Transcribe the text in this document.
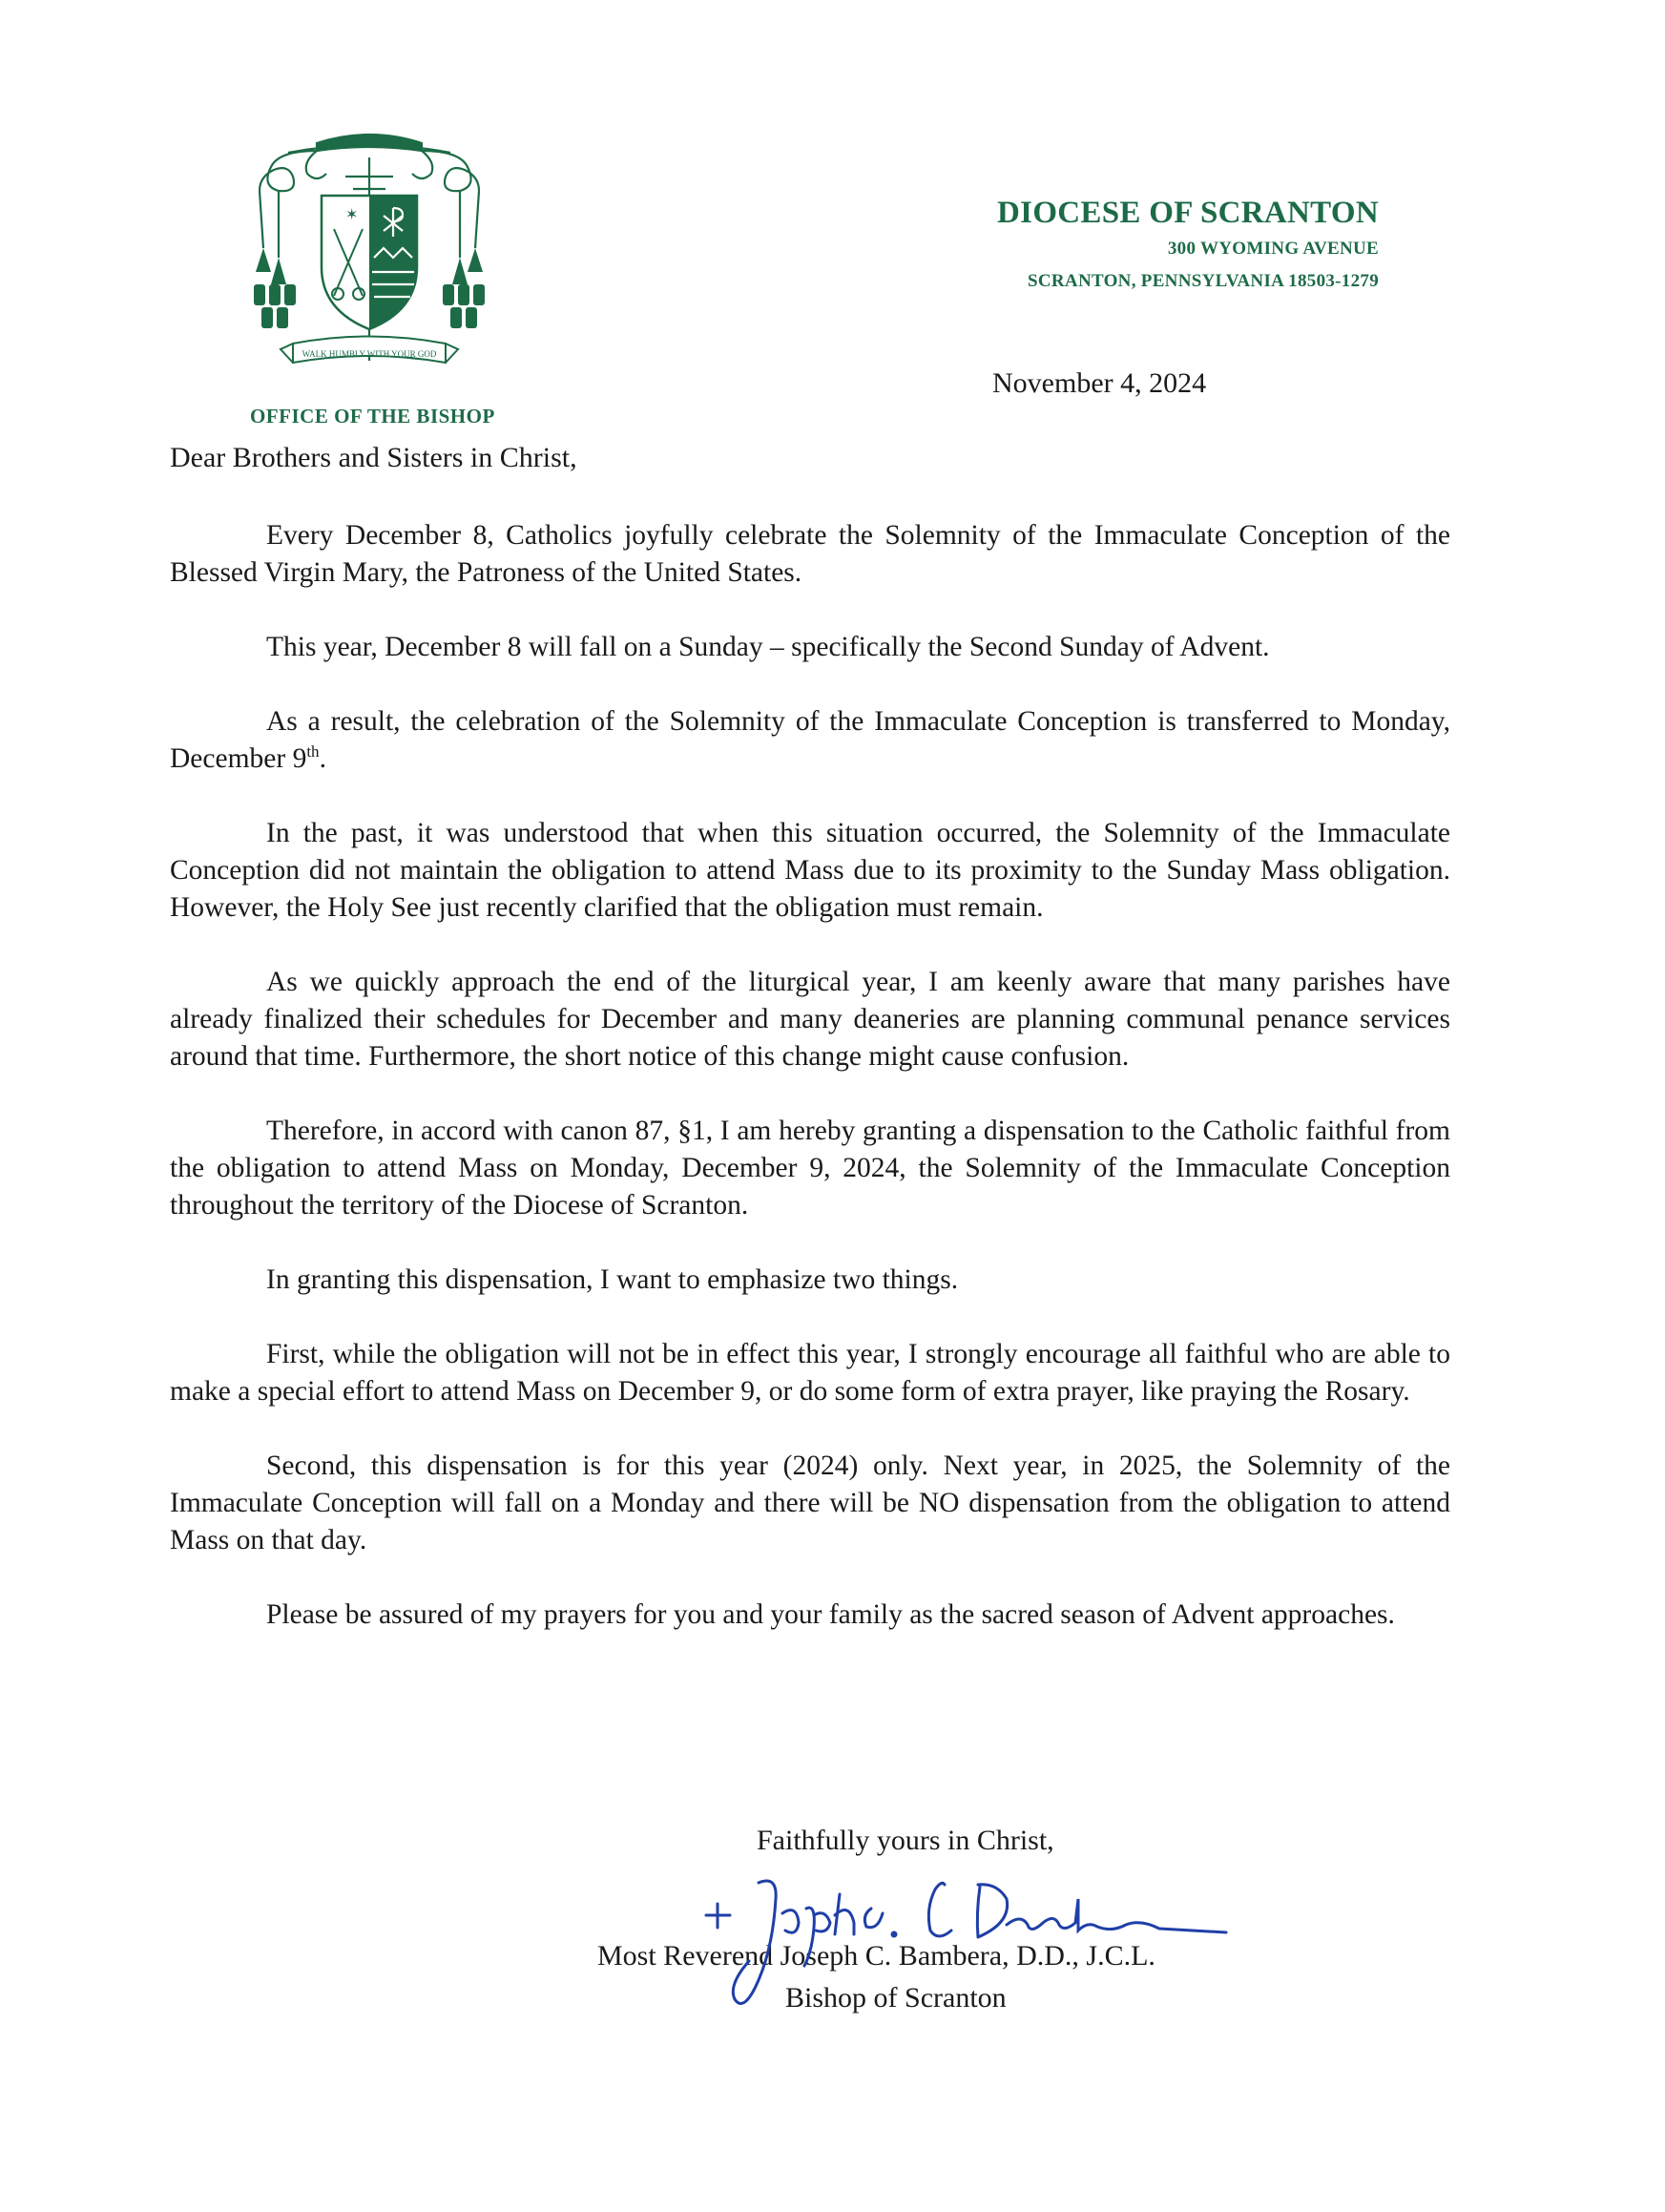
✶
WALK HUMBLY WITH YOUR GOD
OFFICE OF THE BISHOP
DIOCESE OF SCRANTON
300 WYOMING AVENUE
SCRANTON, PENNSYLVANIA 18503-1279
November 4, 2024
Dear Brothers and Sisters in Christ,

Every December 8, Catholics joyfully celebrate the Solemnity of the Immaculate Conception of the Blessed Virgin Mary, the Patroness of the United States.

This year, December 8 will fall on a Sunday – specifically the Second Sunday of Advent.

As a result, the celebration of the Solemnity of the Immaculate Conception is transferred to Monday, December 9th.

In the past, it was understood that when this situation occurred, the Solemnity of the Immaculate Conception did not maintain the obligation to attend Mass due to its proximity to the Sunday Mass obligation. However, the Holy See just recently clarified that the obligation must remain.

As we quickly approach the end of the liturgical year, I am keenly aware that many parishes have already finalized their schedules for December and many deaneries are planning communal penance services around that time. Furthermore, the short notice of this change might cause confusion.

Therefore, in accord with canon 87, §1, I am hereby granting a dispensation to the Catholic faithful from the obligation to attend Mass on Monday, December 9, 2024, the Solemnity of the Immaculate Conception throughout the territory of the Diocese of Scranton.

In granting this dispensation, I want to emphasize two things.

First, while the obligation will not be in effect this year, I strongly encourage all faithful who are able to make a special effort to attend Mass on December 9, or do some form of extra prayer, like praying the Rosary.

Second, this dispensation is for this year (2024) only. Next year, in 2025, the Solemnity of the Immaculate Conception will fall on a Monday and there will be NO dispensation from the obligation to attend Mass on that day.

Please be assured of my prayers for you and your family as the sacred season of Advent approaches.

Faithfully yours in Christ,
Most Reverend Joseph C. Bambera, D.D., J.C.L.
Bishop of Scranton
